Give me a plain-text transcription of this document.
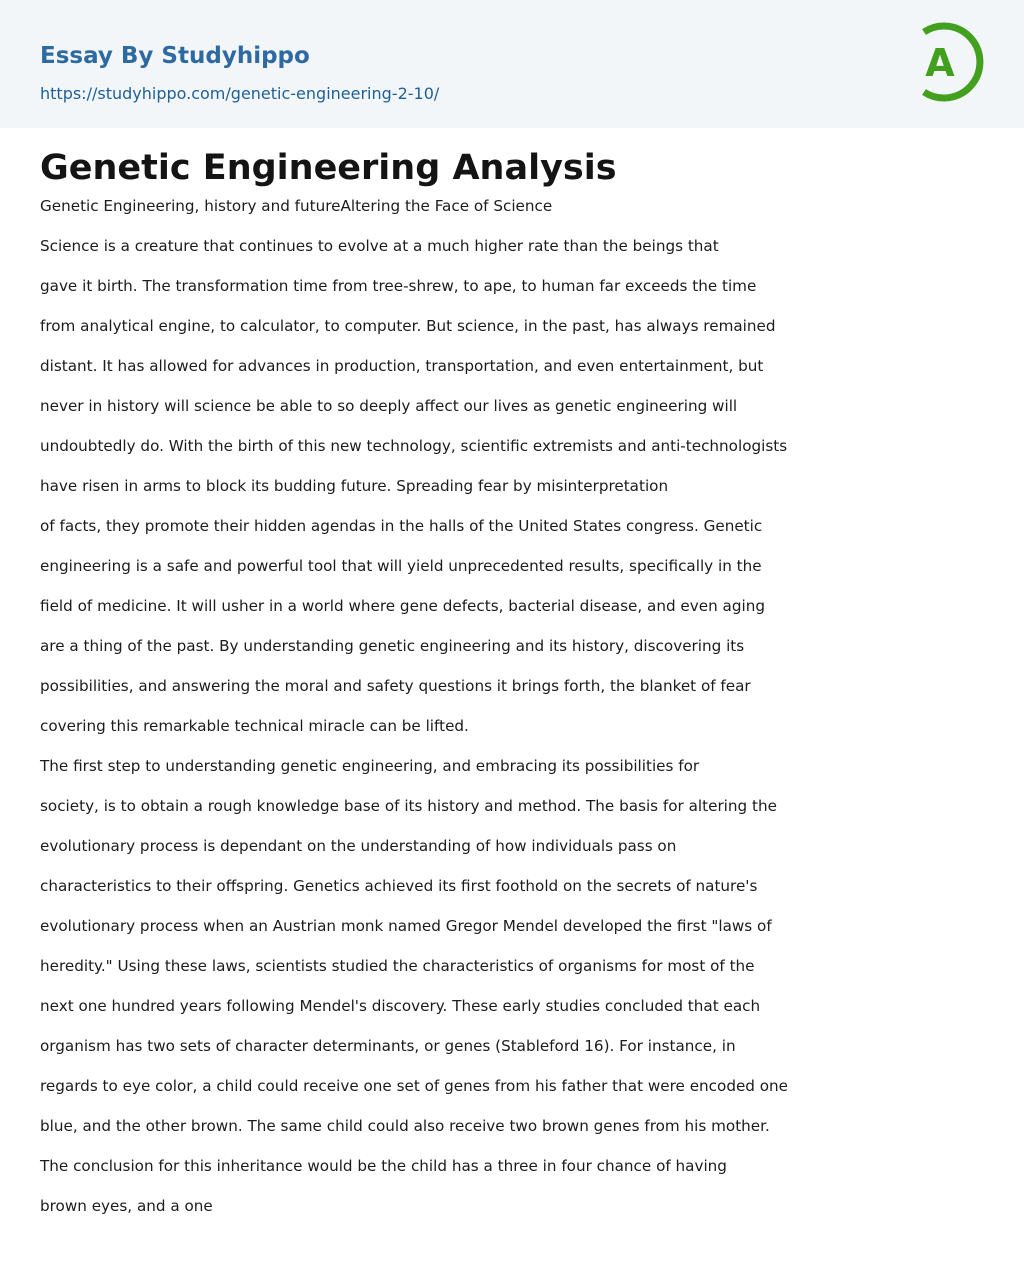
Essay By Studyhippo
https://studyhippo.com/genetic-engineering-2-10/
A
Genetic Engineering Analysis

Genetic Engineering, history and futureAltering the Face of Science

Science is a creature that continues to evolve at a much higher rate than the beings that
gave it birth. The transformation time from tree-shrew, to ape, to human far exceeds the time
from analytical engine, to calculator, to computer. But science, in the past, has always remained
distant. It has allowed for advances in production, transportation, and even entertainment, but
never in history will science be able to so deeply affect our lives as genetic engineering will
undoubtedly do. With the birth of this new technology, scientific extremists and anti-technologists
have risen in arms to block its budding future. Spreading fear by misinterpretation
of facts, they promote their hidden agendas in the halls of the United States congress. Genetic
engineering is a safe and powerful tool that will yield unprecedented results, specifically in the
field of medicine. It will usher in a world where gene defects, bacterial disease, and even aging
are a thing of the past. By understanding genetic engineering and its history, discovering its
possibilities, and answering the moral and safety questions it brings forth, the blanket of fear
covering this remarkable technical miracle can be lifted.
The first step to understanding genetic engineering, and embracing its possibilities for
society, is to obtain a rough knowledge base of its history and method. The basis for altering the
evolutionary process is dependant on the understanding of how individuals pass on
characteristics to their offspring. Genetics achieved its first foothold on the secrets of nature's
evolutionary process when an Austrian monk named Gregor Mendel developed the first "laws of
heredity." Using these laws, scientists studied the characteristics of organisms for most of the
next one hundred years following Mendel's discovery. These early studies concluded that each
organism has two sets of character determinants, or genes (Stableford 16). For instance, in
regards to eye color, a child could receive one set of genes from his father that were encoded one
blue, and the other brown. The same child could also receive two brown genes from his mother.
The conclusion for this inheritance would be the child has a three in four chance of having
brown eyes, and a one
